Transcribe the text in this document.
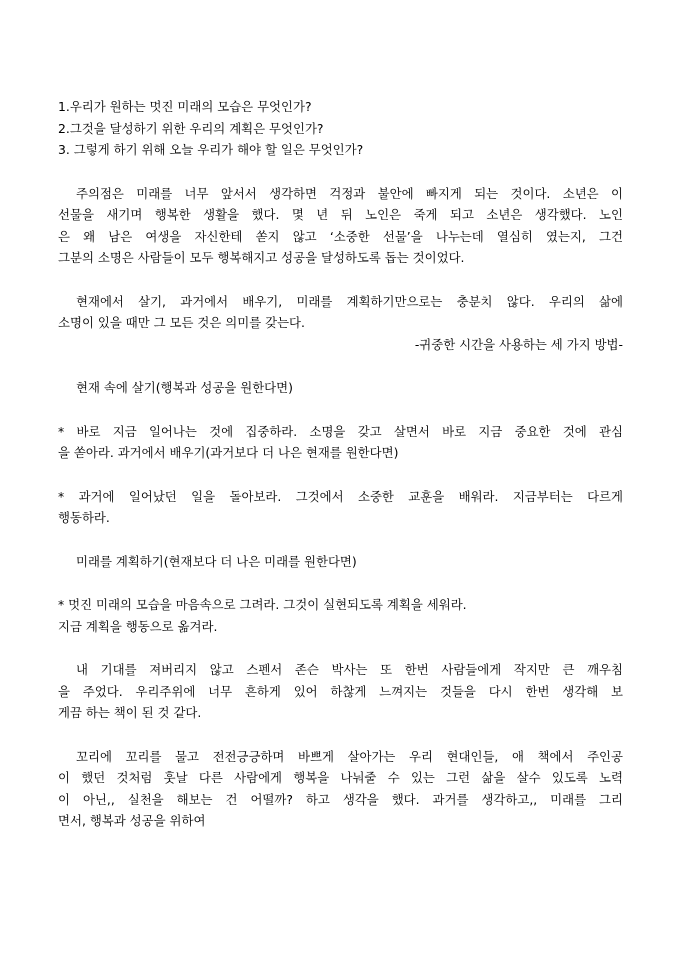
1.우리가 원하는 멋진 미래의 모습은 무엇인가?
2.그것을 달성하기 위한 우리의 계획은 무엇인가?
3. 그렇게 하기 위해 오늘 우리가 해야 할 일은 무엇인가?
주의점은 미래를 너무 앞서서 생각하면 걱정과 불안에 빠지게 되는 것이다. 소년은 이
선물을 새기며 행복한 생활을 했다. 몇 년 뒤 노인은 죽게 되고 소년은 생각했다. 노인
은 왜 남은 여생을 자신한테 쏟지 않고 ‘소중한 선물’을 나누는데 열심히 였는지, 그건
그분의 소명은 사람들이 모두 행복해지고 성공을 달성하도록 돕는 것이었다.
현재에서 살기, 과거에서 배우기, 미래를 계획하기만으로는 충분치 않다. 우리의 삶에
소명이 있을 때만 그 모든 것은 의미를 갖는다.
-귀중한 시간을 사용하는 세 가지 방법-
현재 속에 살기(행복과 성공을 원한다면)
* 바로 지금 일어나는 것에 집중하라. 소명을 갖고 살면서 바로 지금 중요한 것에 관심
을 쏟아라. 과거에서 배우기(과거보다 더 나은 현재를 원한다면)
* 과거에 일어났던 일을 돌아보라. 그것에서 소중한 교훈을 배워라. 지금부터는 다르게
행동하라.
미래를 계획하기(현재보다 더 나은 미래를 원한다면)
* 멋진 미래의 모습을 마음속으로 그려라. 그것이 실현되도록 계획을 세워라.
지금 계획을 행동으로 옮겨라.
내 기대를 져버리지 않고 스펜서 존슨 박사는 또 한번 사람들에게 작지만 큰 깨우침
을 주었다. 우리주위에 너무 흔하게 있어 하찮게 느껴지는 것들을 다시 한번 생각해 보
게끔 하는 책이 된 것 같다.
꼬리에 꼬리를 물고 전전긍긍하며 바쁘게 살아가는 우리 현대인들, 애 책에서 주인공
이 했던 것처럼 훗날 다른 사람에게 행복을 나눠줄 수 있는 그런 삶을 살수 있도록 노력
이 아닌,, 실천을 해보는 건 어떨까? 하고 생각을 했다. 과거를 생각하고,, 미래를 그리
면서, 행복과 성공을 위하여
